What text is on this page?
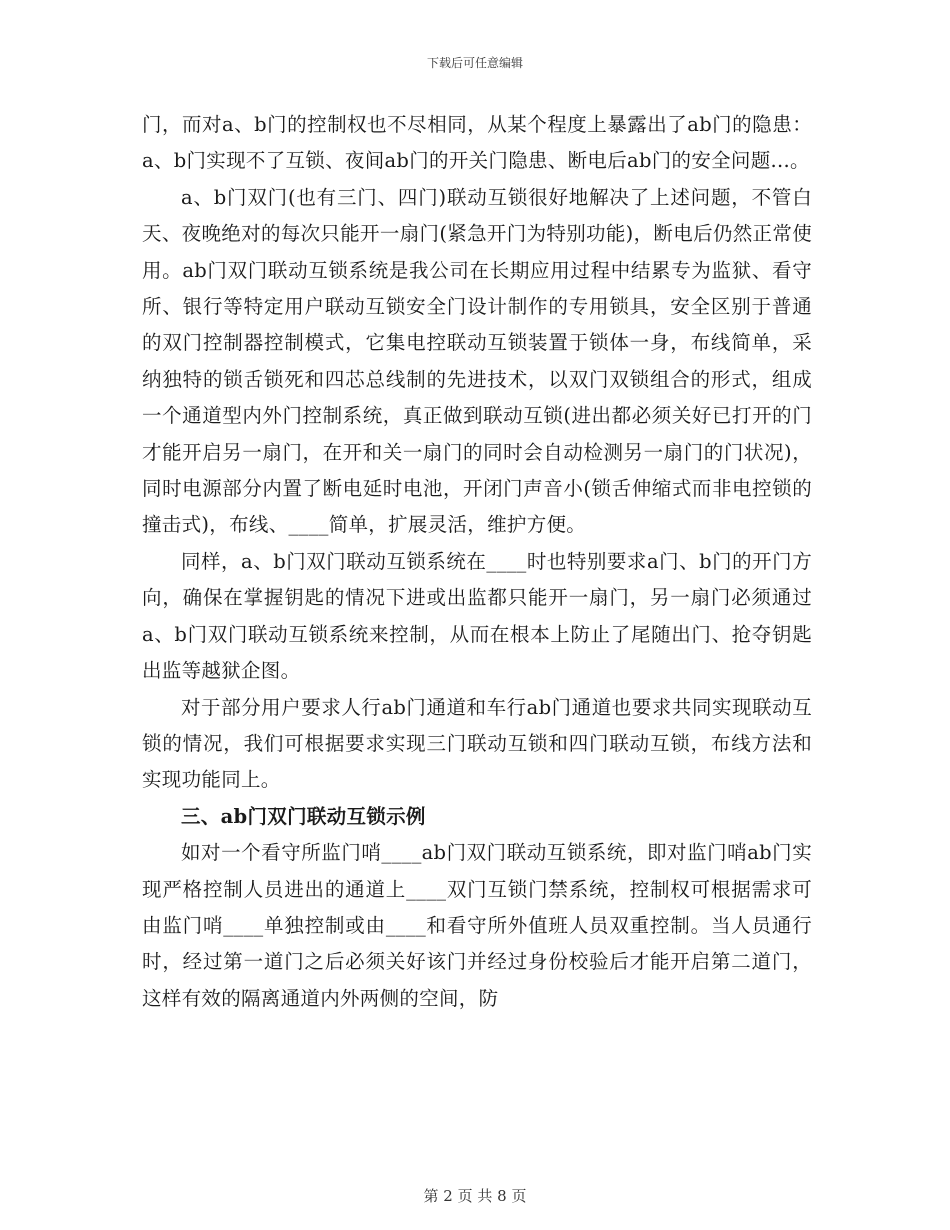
下载后可任意编辑

门，而对a、b门的控制权也不尽相同，从某个程度上暴露出了ab门的隐患：a、b门实现不了互锁、夜间ab门的开关门隐患、断电后ab门的安全问题...。

a、b门双门(也有三门、四门)联动互锁很好地解决了上述问题，不管白天、夜晚绝对的每次只能开一扇门(紧急开门为特别功能)，断电后仍然正常使用。ab门双门联动互锁系统是我公司在长期应用过程中结累专为监狱、看守所、银行等特定用户联动互锁安全门设计制作的专用锁具，安全区别于普通的双门控制器控制模式，它集电控联动互锁装置于锁体一身，布线简单，采纳独特的锁舌锁死和四芯总线制的先进技术，以双门双锁组合的形式，组成一个通道型内外门控制系统，真正做到联动互锁(进出都必须关好已打开的门才能开启另一扇门，在开和关一扇门的同时会自动检测另一扇门的门状况)，同时电源部分内置了断电延时电池，开闭门声音小(锁舌伸缩式而非电控锁的撞击式)，布线、____简单，扩展灵活，维护方便。

同样，a、b门双门联动互锁系统在____时也特别要求a门、b门的开门方向，确保在掌握钥匙的情况下进或出监都只能开一扇门，另一扇门必须通过a、b门双门联动互锁系统来控制，从而在根本上防止了尾随出门、抢夺钥匙出监等越狱企图。

对于部分用户要求人行ab门通道和车行ab门通道也要求共同实现联动互锁的情况，我们可根据要求实现三门联动互锁和四门联动互锁，布线方法和实现功能同上。

三、ab门双门联动互锁示例

如对一个看守所监门哨____ab门双门联动互锁系统，即对监门哨ab门实现严格控制人员进出的通道上____双门互锁门禁系统，控制权可根据需求可由监门哨____单独控制或由____和看守所外值班人员双重控制。当人员通行时，经过第一道门之后必须关好该门并经过身份校验后才能开启第二道门，这样有效的隔离通道内外两侧的空间，防

第 2 页 共 8 页
